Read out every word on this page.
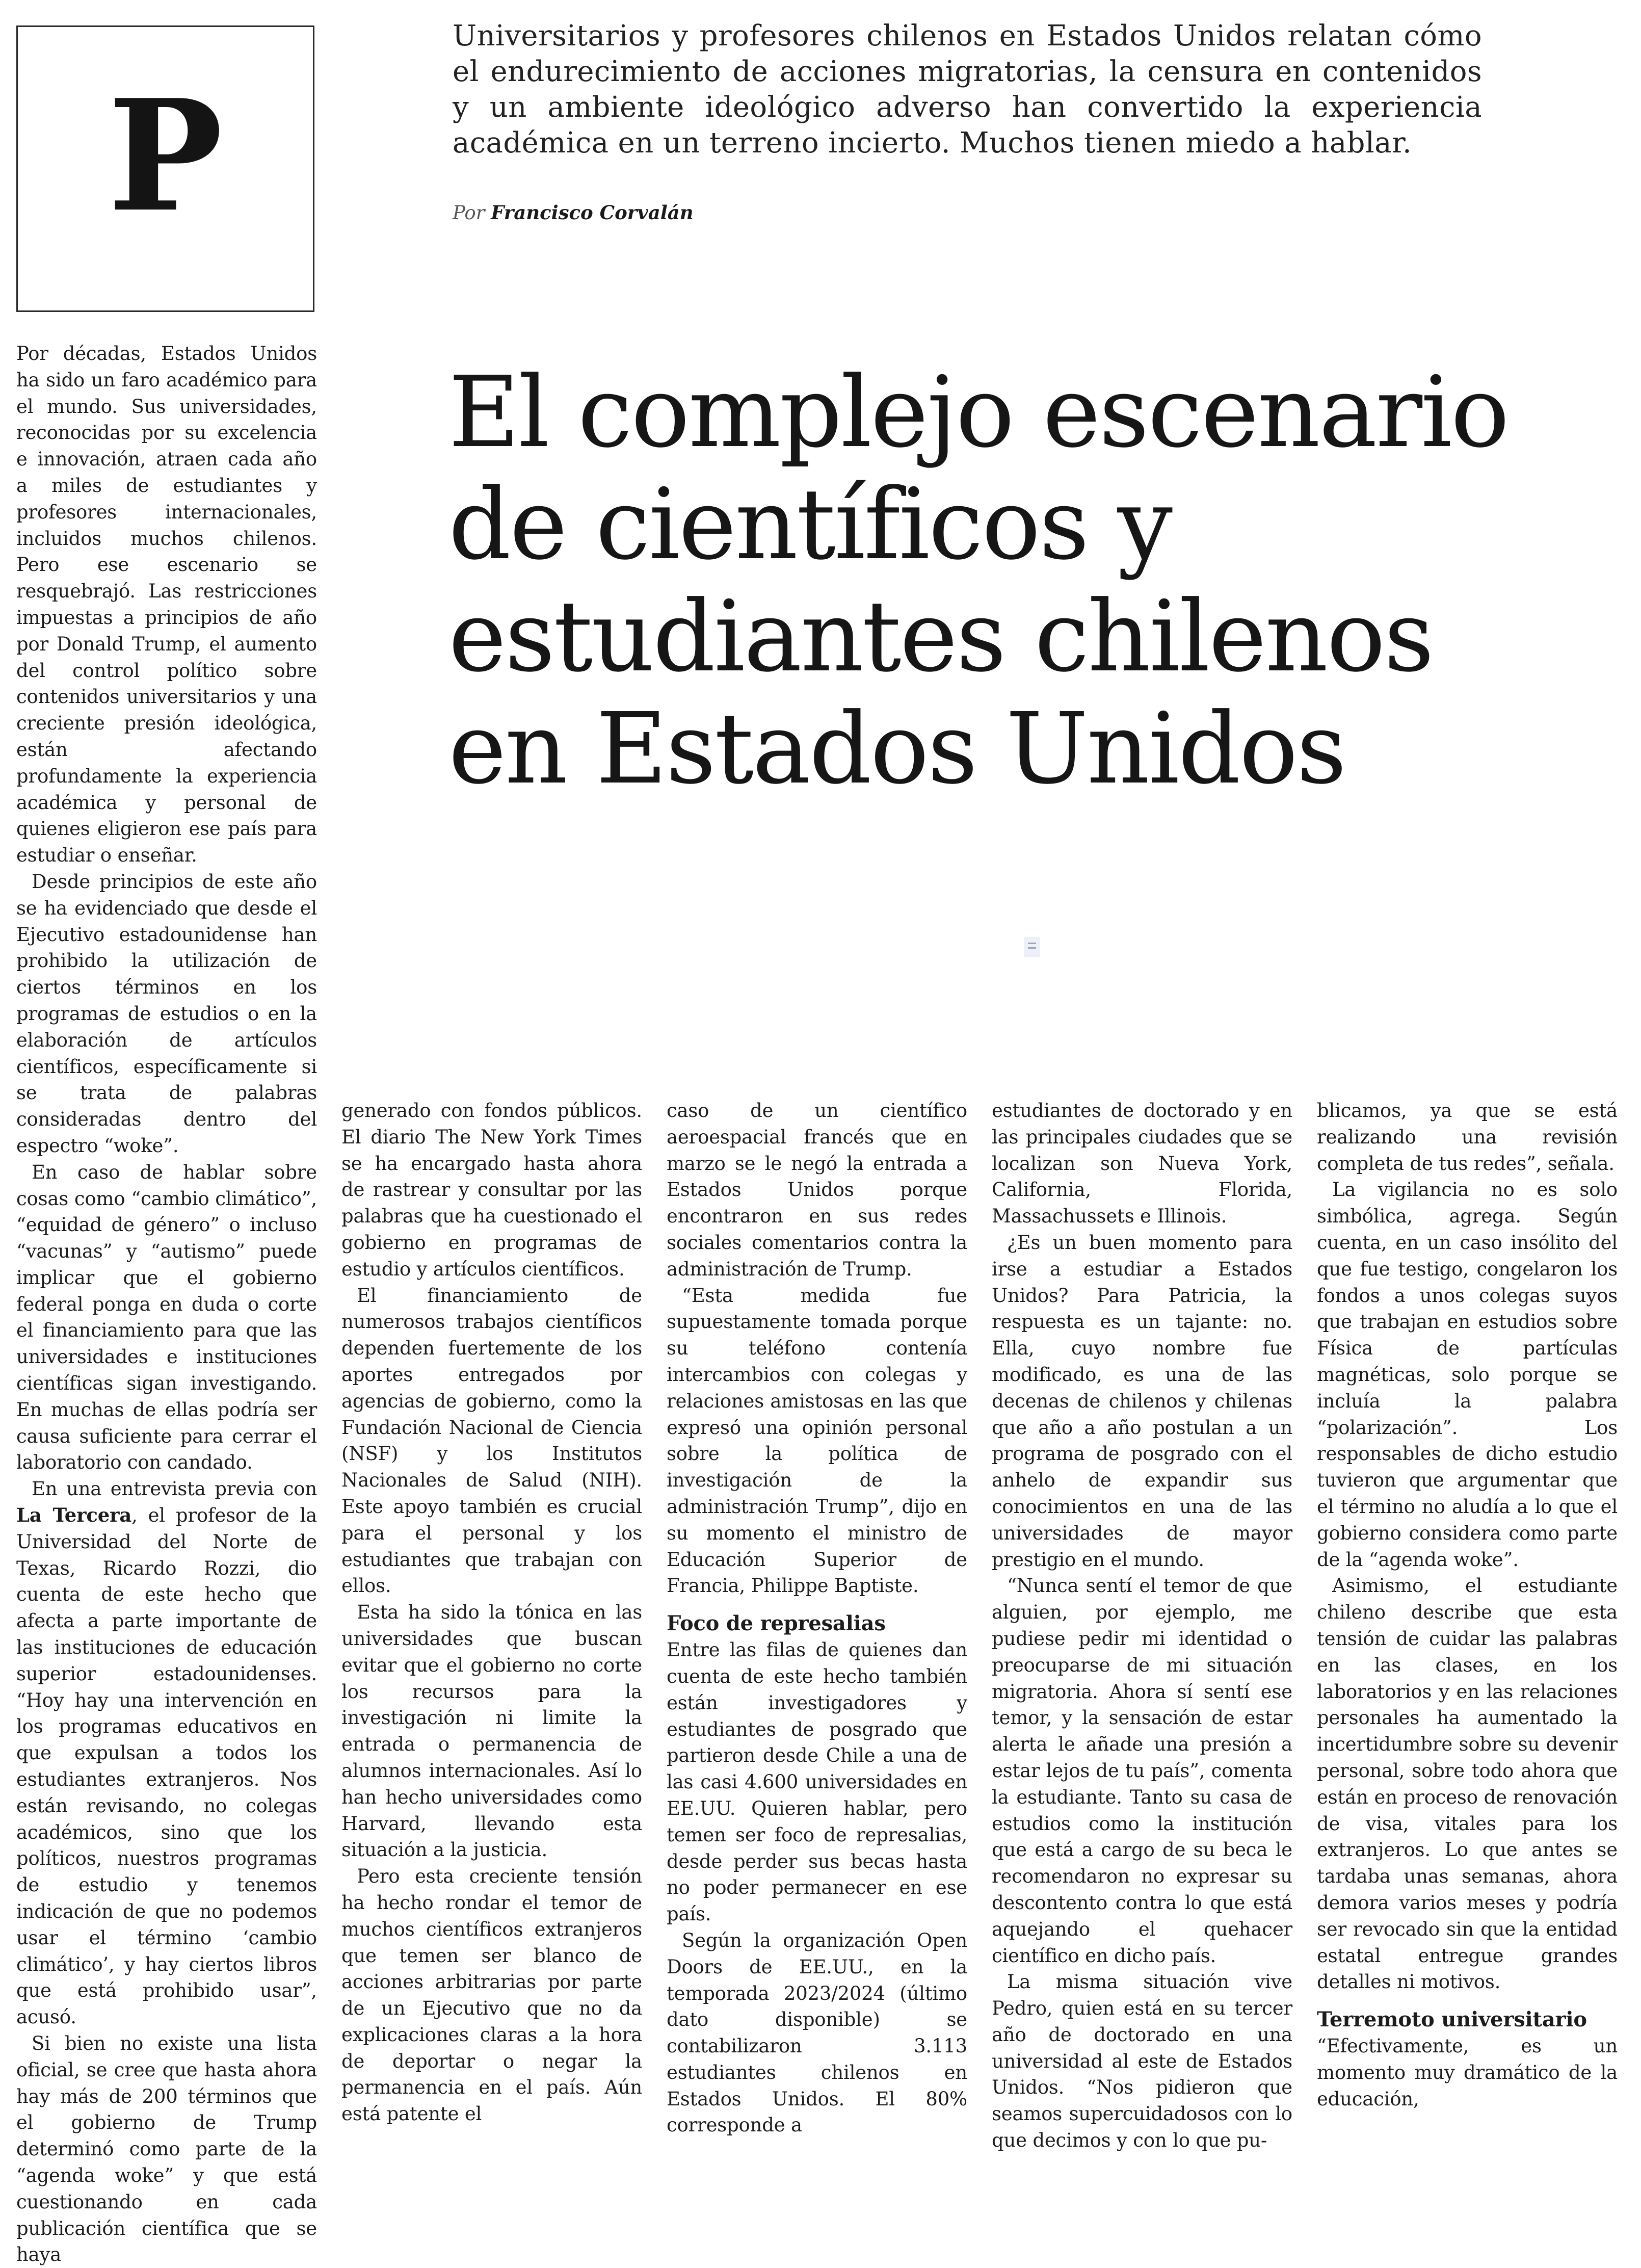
P
Universitarios y profesores chilenos en Estados Unidos relatan cómo el endurecimiento de acciones migratorias, la censura en contenidos y un ambiente ideológico adverso han convertido la experiencia académica en un terreno incierto. Muchos tienen miedo a hablar.
Por Francisco Corvalán
El complejo escenario
de científicos y
estudiantes chilenos
en Estados Unidos

Por décadas, Estados Unidos ha sido un faro académico para el mundo. Sus universidades, reconocidas por su excelencia e innovación, atraen cada año a miles de estudiantes y profesores internacionales, incluidos muchos chilenos. Pero ese escenario se resquebrajó. Las restricciones impuestas a principios de año por Donald Trump, el aumento del control político sobre contenidos universitarios y una creciente presión ideológica, están afectando profundamente la experiencia académica y personal de quienes eligieron ese país para estudiar o enseñar.

Desde principios de este año se ha evidenciado que desde el Ejecutivo estadounidense han prohibido la utilización de ciertos términos en los programas de estudios o en la elaboración de artículos científicos, específicamente si se trata de palabras consideradas dentro del espectro “woke”.

En caso de hablar sobre cosas como “cambio climático”, “equidad de género” o incluso “vacunas” y “autismo” puede implicar que el gobierno federal ponga en duda o corte el financiamiento para que las universidades e instituciones científicas sigan investigando. En muchas de ellas podría ser causa suficiente para cerrar el laboratorio con candado.

En una entrevista previa con La Tercera, el profesor de la Universidad del Norte de Texas, Ricardo Rozzi, dio cuenta de este hecho que afecta a parte importante de las instituciones de educación superior estadounidenses. “Hoy hay una intervención en los programas educativos en que expulsan a todos los estudiantes extranjeros. Nos están revisando, no colegas académicos, sino que los políticos, nuestros programas de estudio y tenemos indicación de que no podemos usar el término ‘cambio climático’, y hay ciertos libros que está prohibido usar”, acusó.

Si bien no existe una lista oficial, se cree que hasta ahora hay más de 200 términos que el gobierno de Trump determinó como parte de la “agenda woke” y que está cuestionando en cada publicación científica que se haya

generado con fondos públicos. El diario The New York Times se ha encargado hasta ahora de rastrear y consultar por las palabras que ha cuestionado el gobierno en programas de estudio y artículos científicos.

El financiamiento de numerosos trabajos científicos dependen fuertemente de los aportes entregados por agencias de gobierno, como la Fundación Nacional de Ciencia (NSF) y los Institutos Nacionales de Salud (NIH). Este apoyo también es crucial para el personal y los estudiantes que trabajan con ellos.

Esta ha sido la tónica en las universidades que buscan evitar que el gobierno no corte los recursos para la investigación ni limite la entrada o permanencia de alumnos internacionales. Así lo han hecho universidades como Harvard, llevando esta situación a la justicia.

Pero esta creciente tensión ha hecho rondar el temor de muchos científicos extranjeros que temen ser blanco de acciones arbitrarias por parte de un Ejecutivo que no da explicaciones claras a la hora de deportar o negar la permanencia en el país. Aún está patente el

caso de un científico aeroespacial francés que en marzo se le negó la entrada a Estados Unidos porque encontraron en sus redes sociales comentarios contra la administración de Trump.

“Esta medida fue supuestamente tomada porque su teléfono contenía intercambios con colegas y relaciones amistosas en las que expresó una opinión personal sobre la política de investigación de la administración Trump”, dijo en su momento el ministro de Educación Superior de Francia, Philippe Baptiste.

Foco de represalias

Entre las filas de quienes dan cuenta de este hecho también están investigadores y estudiantes de posgrado que partieron desde Chile a una de las casi 4.600 universidades en EE.UU. Quieren hablar, pero temen ser foco de represalias, desde perder sus becas hasta no poder permanecer en ese país.

Según la organización Open Doors de EE.UU., en la temporada 2023/2024 (último dato disponible) se contabilizaron 3.113 estudiantes chilenos en Estados Unidos. El 80% corresponde a

estudiantes de doctorado y en las principales ciudades que se localizan son Nueva York, California, Florida, Massachussets e Illinois.

¿Es un buen momento para irse a estudiar a Estados Unidos? Para Patricia, la respuesta es un tajante: no. Ella, cuyo nombre fue modificado, es una de las decenas de chilenos y chilenas que año a año postulan a un programa de posgrado con el anhelo de expandir sus conocimientos en una de las universidades de mayor prestigio en el mundo.

“Nunca sentí el temor de que alguien, por ejemplo, me pudiese pedir mi identidad o preocuparse de mi situación migratoria. Ahora sí sentí ese temor, y la sensación de estar alerta le añade una presión a estar lejos de tu país”, comenta la estudiante. Tanto su casa de estudios como la institución que está a cargo de su beca le recomendaron no expresar su descontento contra lo que está aquejando el quehacer científico en dicho país.

La misma situación vive Pedro, quien está en su tercer año de doctorado en una universidad al este de Estados Unidos. “Nos pidieron que seamos supercuidadosos con lo que decimos y con lo que pu-

blicamos, ya que se está realizando una revisión completa de tus redes”, señala.

La vigilancia no es solo simbólica, agrega. Según cuenta, en un caso insólito del que fue testigo, congelaron los fondos a unos colegas suyos que trabajan en estudios sobre Física de partículas magnéticas, solo porque se incluía la palabra “polarización”. Los responsables de dicho estudio tuvieron que argumentar que el término no aludía a lo que el gobierno considera como parte de la “agenda woke”.

Asimismo, el estudiante chileno describe que esta tensión de cuidar las palabras en las clases, en los laboratorios y en las relaciones personales ha aumentado la incertidumbre sobre su devenir personal, sobre todo ahora que están en proceso de renovación de visa, vitales para los extranjeros. Lo que antes se tardaba unas semanas, ahora demora varios meses y podría ser revocado sin que la entidad estatal entregue grandes detalles ni motivos.

Terremoto universitario

“Efectivamente, es un momento muy dramático de la educación,
